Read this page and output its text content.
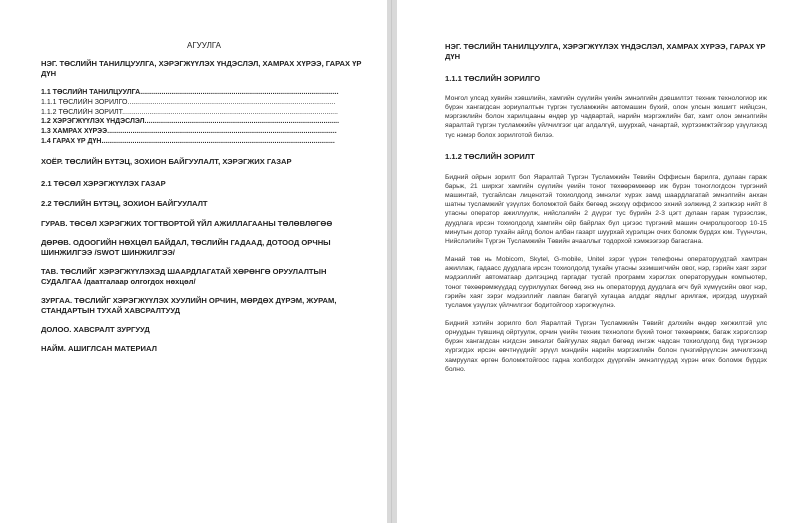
АГУУЛГА
НЭГ. ТӨСЛИЙН ТАНИЛЦУУЛГА, ХЭРЭГЖҮҮЛЭХ ҮНДЭСЛЭЛ, ХАМРАХ ХҮРЭЭ, ГАРАХ ҮР ДҮН
1.1 ТӨСЛИЙН ТАНИЛЦУУЛГА......................................................................................................
1.1.1 ТӨСЛИЙН ЗОРИЛГО...........................................................................................................
1.1.2 ТӨСЛИЙН ЗОРИЛТ...............................................................................................................
1.2 ХЭРЭГЖҮҮЛЭХ ҮНДЭСЛЭЛ....................................................................................................
1.3 ХАМРАХ ХҮРЭЭ......................................................................................................................
1.4 ГАРАХ ҮР ДҮН........................................................................................................................
ХОЁР. ТӨСЛИЙН БҮТЭЦ, ЗОХИОН БАЙГУУЛАЛТ, ХЭРЭГЖИХ ГАЗАР
2.1 ТӨСӨЛ ХЭРЭГЖҮҮЛЭХ ГАЗАР
2.2 ТӨСЛИЙН БҮТЭЦ, ЗОХИОН БАЙГУУЛАЛТ
ГУРАВ. ТӨСӨЛ ХЭРЭГЖИХ ТОГТВОРТОЙ ҮЙЛ АЖИЛЛАГААНЫ ТӨЛӨВЛӨГӨӨ
ДӨРӨВ. ОДООГИЙН НӨХЦӨЛ БАЙДАЛ, ТӨСЛИЙН ГАДААД, ДОТООД ОРЧНЫ ШИНЖИЛГЭЭ /SWOT ШИНЖИЛГЭЭ/
ТАВ. ТӨСЛИЙГ ХЭРЭГЖҮҮЛЭХЭД ШААРДЛАГАТАЙ ХӨРӨНГӨ ОРУУЛАЛТЫН СУДАЛГАА /даатгалаар олгогдох нөхцөл/
ЗУРГАА. ТӨСЛИЙГ ХЭРЭГЖҮҮЛЭХ ХУУЛИЙН ОРЧИН, МӨРДӨХ ДҮРЭМ, ЖУРАМ, СТАНДАРТЫН ТУХАЙ ХАВСРАЛТУУД
ДОЛОО. ХАВСРАЛТ ЗУРГУУД
НАЙМ. АШИГЛСАН МАТЕРИАЛ
НЭГ. ТӨСЛИЙН ТАНИЛЦУУЛГА, ХЭРЭГЖҮҮЛЭХ ҮНДЭСЛЭЛ, ХАМРАХ ХҮРЭЭ, ГАРАХ ҮР ДҮН
1.1.1 ТӨСЛИЙН ЗОРИЛГО
Монгол улсад хувийн хэвшлийн, хамгийн сүүлийн үеийн эмнэлгийн дэвшилтэт техник технологиор иж бүрэн хангагдсан зориулалтын түргэн тусламжийн автомашин бүхий, олон улсын жишигт нийцсэн, мэргэжлийн болон харилцааны өндөр ур чадвартай, нарийн мэргэжлийн бат, хамт олон эмнэлгийн яаралтай түргэн тусламжийн үйлчилгээг цаг алдалгүй, шуурхай, чанартай, хүртээмжтэйгээр үзүүлэхэд түс нэмэр болох зорилготой билээ.
1.1.2 ТӨСЛИЙН ЗОРИЛТ
Бидний ойрын зорилт бол Яаралтай Түргэн Тусламжийн Тевийн Оффисын барилга, дулаан гараж барьж, 21 ширхэг хамгийн сүүлийн үеийн тоног төхөөрөмжөөр иж бүрэн тоноглогдсон түргэний машинтай, тусгайлсан лицензтэй тохиолдолд эмнэлэг хүрэх замд шаардлагатай эмнэлгийн анхан шатны тусламжийг үзүүлэх боломжтой байх бөгөөд энэхүү оффисоо эхний ээлжинд 2 ээлжээр нийт 8 утасны оператор ажиллуулж, нийслэлийн 2 дүүрэг тус бүрийн 2-3 цэгт дулаан гараж түрээслэж, дуудлага ирсэн тохиолдолд хамгийн ойр байрлах бүл цэгээс түргэний машин очиролцоогоор 10-15 минутын дотор тухайн айлд болон албан газарт шуурхай хүрэлцэн очих боломж бүрдэх юм. Түүнчлэн, Нийслэлийн Түргэн Тусламжийн Төвийн ачааллыг тодорхой хэмжээгээр багасгана.
Манай төв нь Mobicom, Skytel, G-mobile, Unitel зэрэг үүрэн телефоны операторуудтай хамтран ажиллаж, гадаасс дуудлага ирсэн тохиолдолд тухайн утасны эзэмшигчийн овог, нэр, гэрийн хаяг зэрэг мэдээллийг автоматаар дэлгэцэнд гаргадаг тусгай программ хэрэглэх операторуудын компьютер, тоног төхөөрөмжүүдад суурилуулах бөгөөд энэ нь операторууд дуудлага өгч буй хүмүүсийн овог нэр, гэрийн хаяг зэрэг мэдээллийг лавлан багагүй хугацаа алддаг явдлыг арилгаж, ирэгдэд шуурхай тусламж үзүүлэх үйлчилгээг бодитойгоор хэрэгжүүлнэ.
Бидний хэтийн зорилго бол Яаралтай Түргэн Тусламжийн Төвийг дэлхийн өндөр хөгжилтэй улс орнуудын түвшинд ойртуулж, орчин үеийн техник технологи бүхий тоног төхөөрөмж, багаж хэрэгслээр бүрэн хангагдсан нэгдсэн эмнэлэг байгуулах явдал бөгөөд ингэж чадсан тохиолдолд бид түргэнээр хүргэгдэх ирсэн өвчтнүүдийг эрүүл мэндийн нарийн мэргэжлийн болон гүнзгийрүүлсэн эмчилгээнд хамруулах өргөн боломжтойгоос гадна холбогдох дүүргийн эмнэлгүүдэд хүрэн өгөх боломж бүрдэх болно.
